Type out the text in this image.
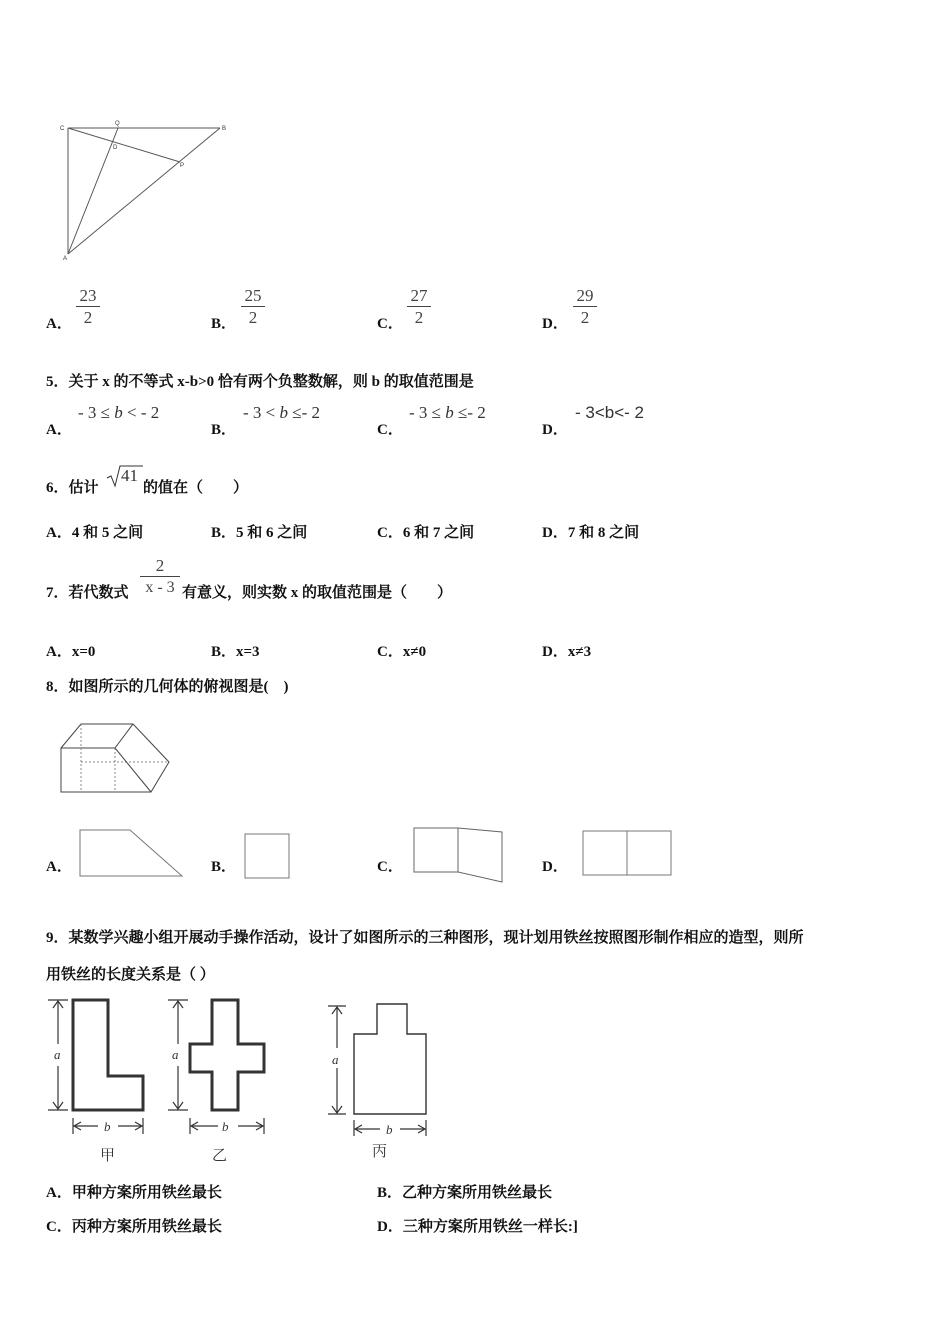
C
Q
B
D
P
A
A． $\frac{23}{2}$	B． $\frac{25}{2}$	C． $\frac{27}{2}$	D． $\frac{29}{2}$
5．关于 x 的不等式 x-b>0 恰有两个负整数解，则 b 的取值范围是
A．
- 3 ≤ b < - 2
B．
- 3 < b ≤- 2
C．
- 3 ≤ b ≤- 2
D．
- 3<b<- 2
6．估计
41
的值在（　　）
A．4 和 5 之间	B．5 和 6 之间	C．6 和 7 之间	D．7 和 8 之间
7．若代数式 $\frac{2}{x - 3}$ 有意义，则实数 x 的取值范围是（　　）
A．x=0	B．x=3	C．x≠0	D．x≠3
8．如图所示的几何体的俯视图是(　)
A．	B．	C．	D．
9．某数学兴趣小组开展动手操作活动，设计了如图所示的三种图形，现计划用铁丝按照图形制作相应的造型，则所
用铁丝的长度关系是（ ）
a
b
甲
a
b
乙
a
b
丙
A．甲种方案所用铁丝最长	B．乙种方案所用铁丝最长
C．丙种方案所用铁丝最长	D．三种方案所用铁丝一样长:]
